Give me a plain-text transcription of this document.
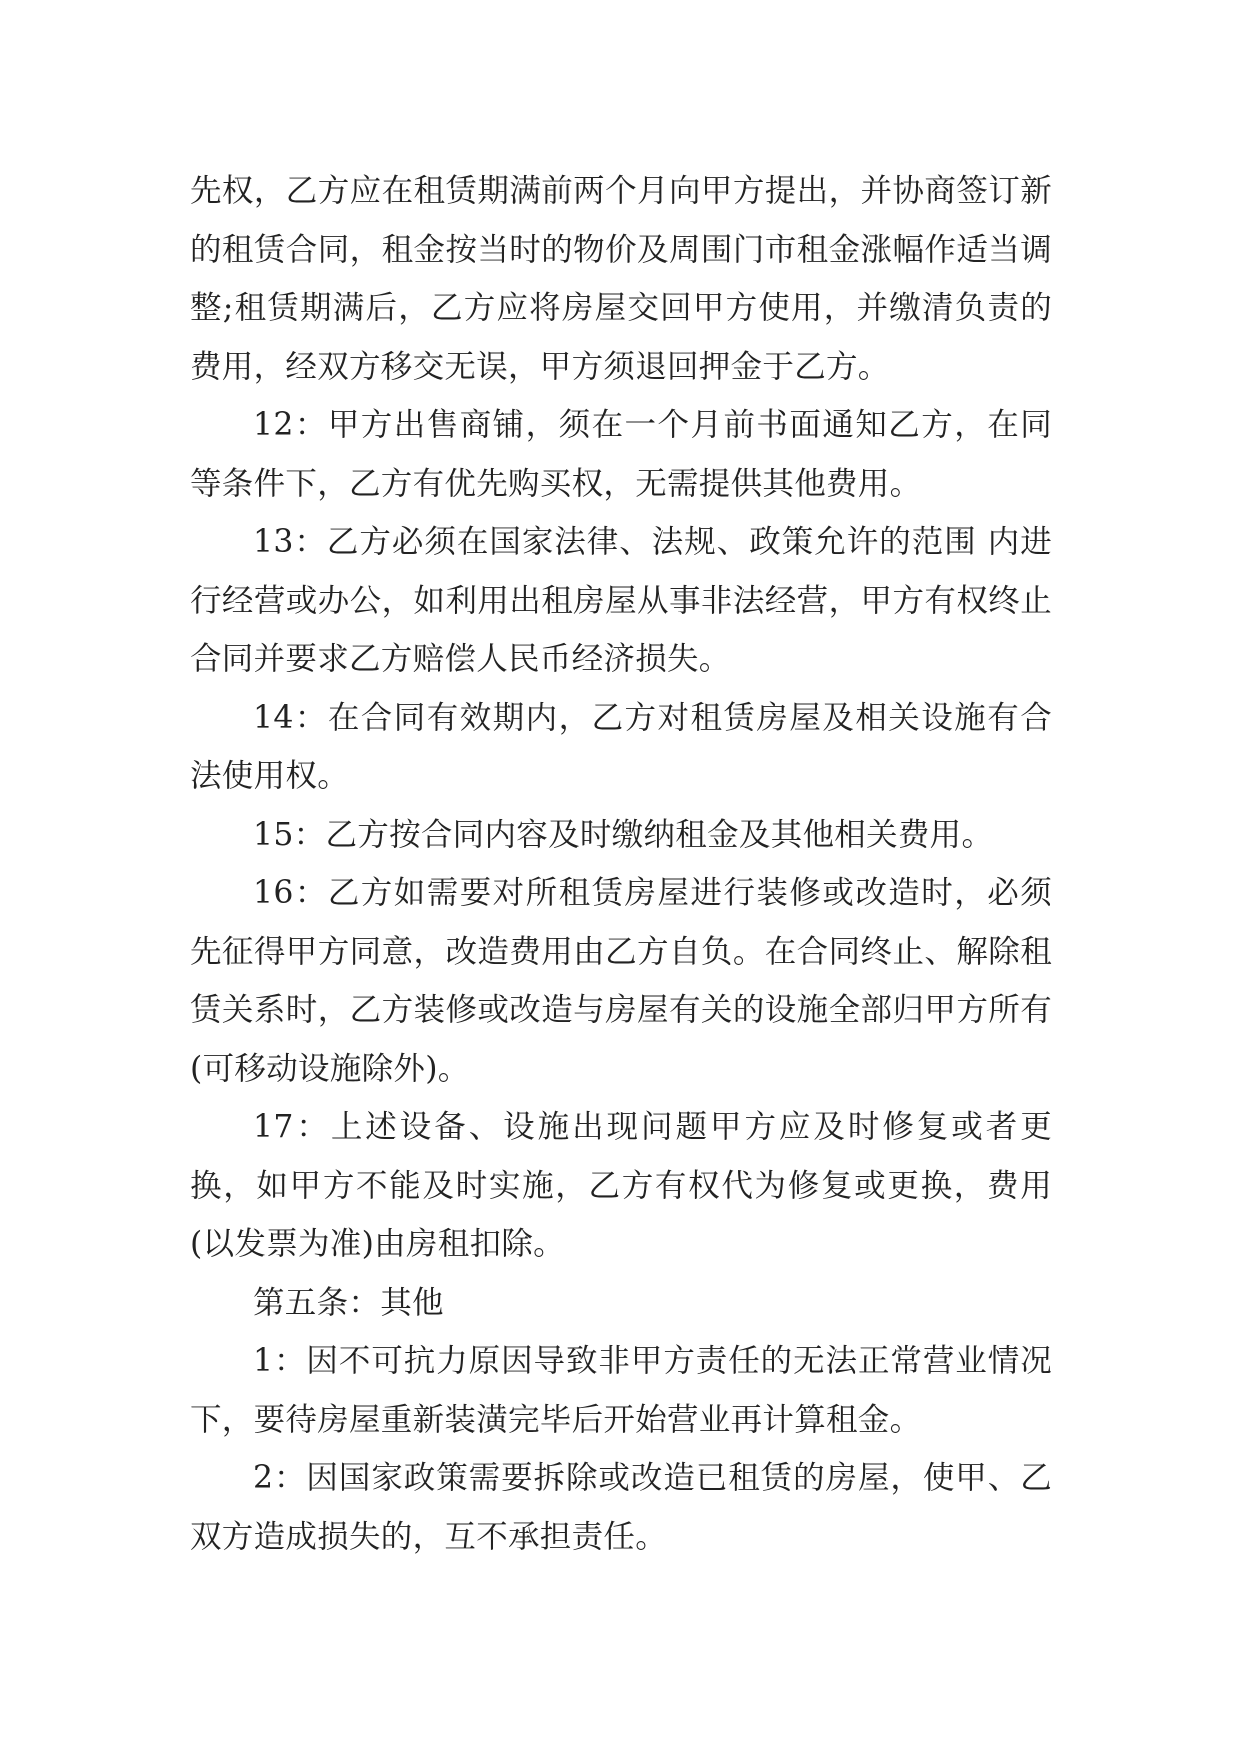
先权，乙方应在租赁期满前两个月向甲方提出，并协商签订新的租赁合同，租金按当时的物价及周围门市租金涨幅作适当调整;租赁期满后，乙方应将房屋交回甲方使用，并缴清负责的费用，经双方移交无误，甲方须退回押金于乙方。

12：甲方出售商铺，须在一个月前书面通知乙方，在同等条件下，乙方有优先购买权，无需提供其他费用。

13：乙方必须在国家法律、法规、政策允许的范围 内进行经营或办公，如利用出租房屋从事非法经营，甲方有权终止合同并要求乙方赔偿人民币经济损失。

14：在合同有效期内，乙方对租赁房屋及相关设施有合法使用权。

15：乙方按合同内容及时缴纳租金及其他相关费用。

16：乙方如需要对所租赁房屋进行装修或改造时，必须先征得甲方同意，改造费用由乙方自负。在合同终止、解除租赁关系时，乙方装修或改造与房屋有关的设施全部归甲方所有(可移动设施除外)。

17：上述设备、设施出现问题甲方应及时修复或者更换，如甲方不能及时实施，乙方有权代为修复或更换，费用(以发票为准)由房租扣除。

第五条：其他

1：因不可抗力原因导致非甲方责任的无法正常营业情况下，要待房屋重新装潢完毕后开始营业再计算租金。

2：因国家政策需要拆除或改造已租赁的房屋，使甲、乙双方造成损失的，互不承担责任。
